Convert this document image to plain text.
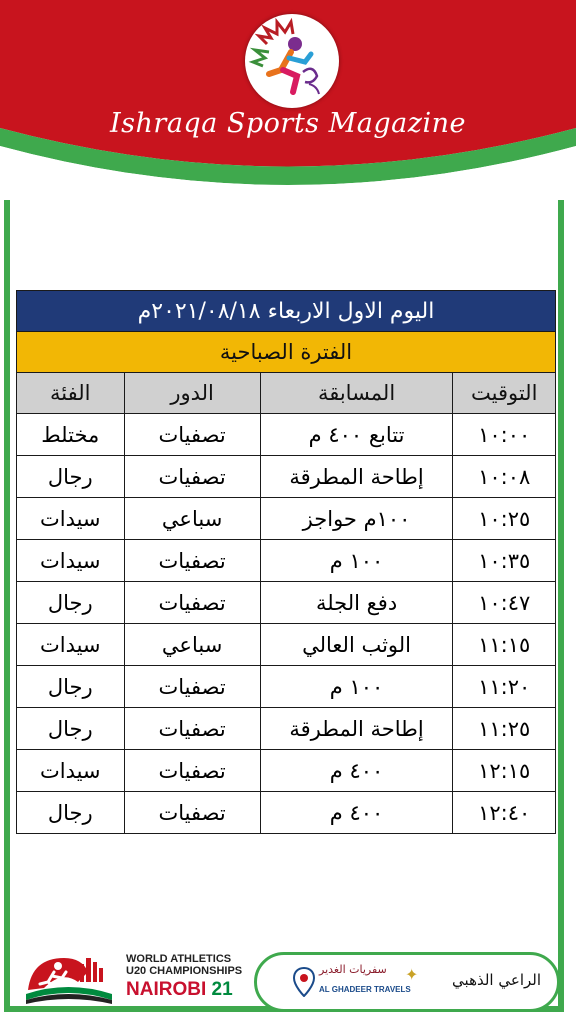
Ishraqa Sports Magazine
اليوم الاول الاربعاء ٢٠٢١/٠٨/١٨م			
الفترة الصباحية			
التوقيت	المسابقة	الدور	الفئة
١٠:٠٠	تتابع ٤٠٠ م	تصفيات	مختلط
١٠:٠٨	إطاحة المطرقة	تصفيات	رجال
١٠:٢٥	١٠٠م حواجز	سباعي	سيدات
١٠:٣٥	١٠٠ م	تصفيات	سيدات
١٠:٤٧	دفع الجلة	تصفيات	رجال
١١:١٥	الوثب العالي	سباعي	سيدات
١١:٢٠	١٠٠ م	تصفيات	رجال
١١:٢٥	إطاحة المطرقة	تصفيات	رجال
١٢:١٥	٤٠٠ م	تصفيات	سيدات
١٢:٤٠	٤٠٠ م	تصفيات	رجال
WORLD ATHLETICS
U20 CHAMPIONSHIPS
NAIROBI 21	الراعي الذهبي
✦
سفريات الغدير
AL GHADEER TRAVELS
